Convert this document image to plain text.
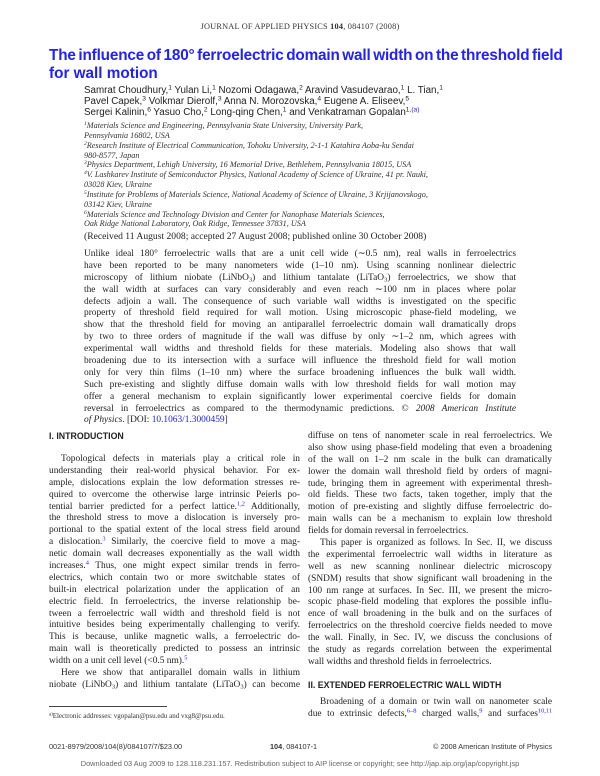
JOURNAL OF APPLIED PHYSICS 104, 084107 (2008)
The influence of 180° ferroelectric domain wall width on the threshold field
for wall motion
Samrat Choudhury,$^1$ Yulan Li,$^1$ Nozomi Odagawa,$^2$ Aravind Vasudevarao,$^1$ L. Tian,$^1$
Pavel Capek,$^3$ Volkmar Dierolf,$^3$ Anna N. Morozovska,$^4$ Eugene A. Eliseev,$^5$
Sergei Kalinin,$^6$ Yasuo Cho,$^2$ Long-qing Chen,$^1$ and Venkatraman Gopalan$^{1,(a)}$
$^1$Materials Science and Engineering, Pennsylvania State University, University Park,
Pennsylvania 16802, USA
$^2$Research Institute of Electrical Communication, Tohoku University, 2-1-1 Katahira Aoba-ku Sendai
980-8577, Japan
$^3$Physics Department, Lehigh University, 16 Memorial Drive, Bethlehem, Pennsylvania 18015, USA
$^4$V. Lashkarev Institute of Semiconductor Physics, National Academy of Science of Ukraine, 41 pr. Nauki,
03028 Kiev, Ukraine
$^5$Institute for Problems of Materials Science, National Academy of Science of Ukraine, 3 Krjijanovskogo,
03142 Kiev, Ukraine
$^6$Materials Science and Technology Division and Center for Nanophase Materials Sciences,
Oak Ridge National Laboratory, Oak Ridge, Tennessee 37831, USA
(Received 11 August 2008; accepted 27 August 2008; published online 30 October 2008)
Unlike ideal 180° ferroelectric walls that are a unit cell wide (∼0.5 nm), real walls in ferroelectrics
have been reported to be many nanometers wide (1–10 nm). Using scanning nonlinear dielectric
microscopy of lithium niobate (LiNbO$_3$) and lithium tantalate (LiTaO$_3$) ferroelectrics, we show that
the wall width at surfaces can vary considerably and even reach ∼100 nm in places where polar
defects adjoin a wall. The consequence of such variable wall widths is investigated on the specific
property of threshold field required for wall motion. Using microscopic phase-field modeling, we
show that the threshold field for moving an antiparallel ferroelectric domain wall dramatically drops
by two to three orders of magnitude if the wall was diffuse by only ∼1–2 nm, which agrees with
experimental wall widths and threshold fields for these materials. Modeling also shows that wall
broadening due to its intersection with a surface will influence the threshold field for wall motion
only for very thin films (1–10 nm) where the surface broadening influences the bulk wall width.
Such pre-existing and slightly diffuse domain walls with low threshold fields for wall motion may
offer a general mechanism to explain significantly lower experimental coercive fields for domain
reversal in ferroelectrics as compared to the thermodynamic predictions. © 2008 American Institute
of Physics. [DOI: 10.1063/1.3000459]
I. INTRODUCTION
Topological defects in materials play a critical role in
understanding their real-world physical behavior. For ex-
ample, dislocations explain the low deformation stresses re-
quired to overcome the otherwise large intrinsic Peierls po-
tential barrier predicted for a perfect lattice.$^{1,2}$ Additionally,
the threshold stress to move a dislocation is inversely pro-
portional to the spatial extent of the local stress field around
a dislocation.$^3$ Similarly, the coercive field to move a mag-
netic domain wall decreases exponentially as the wall width
increases.$^4$ Thus, one might expect similar trends in ferro-
electrics, which contain two or more switchable states of
built-in electrical polarization under the application of an
electric field. In ferroelectrics, the inverse relationship be-
tween a ferroelectric wall width and threshold field is not
intuitive besides being experimentally challenging to verify.
This is because, unlike magnetic walls, a ferroelectric do-
main wall is theoretically predicted to possess an intrinsic
width on a unit cell level (<0.5 nm).$^5$
Here we show that antiparallel domain walls in lithium
niobate (LiNbO$_3$) and lithium tantalate (LiTaO$_3$) can become
diffuse on tens of nanometer scale in real ferroelectrics. We
also show using phase-field modeling that even a broadening
of the wall on 1–2 nm scale in the bulk can dramatically
lower the domain wall threshold field by orders of magni-
tude, bringing them in agreement with experimental thresh-
old fields. These two facts, taken together, imply that the
motion of pre-existing and slightly diffuse ferroelectric do-
main walls can be a mechanism to explain low threshold
fields for domain reversal in ferroelectrics.
This paper is organized as follows. In Sec. II, we discuss
the experimental ferroelectric wall widths in literature as
well as new scanning nonlinear dielectric microscopy
(SNDM) results that show significant wall broadening in the
100 nm range at surfaces. In Sec. III, we present the micro-
scopic phase-field modeling that explores the possible influ-
ence of wall broadening in the bulk and on the surfaces of
ferroelectrics on the threshold coercive fields needed to move
the wall. Finally, in Sec. IV, we discuss the conclusions of
the study as regards correlation between the experimental
wall widths and threshold fields in ferroelectrics.
II. EXTENDED FERROELECTRIC WALL WIDTH
Broadening of a domain or twin wall on nanometer scale
due to extrinsic defects,$^{6-8}$ charged walls,$^9$ and surfaces$^{10,11}$
$^{a)}$Electronic addresses: vgopalan@psu.edu and vxg8@psu.edu.
0021-8979/2008/104(8)/084107/7/$23.00	104, 084107-1	© 2008 American Institute of Physics
Downloaded 03 Aug 2009 to 128.118.231.157. Redistribution subject to AIP license or copyright; see http://jap.aip.org/jap/copyright.jsp
